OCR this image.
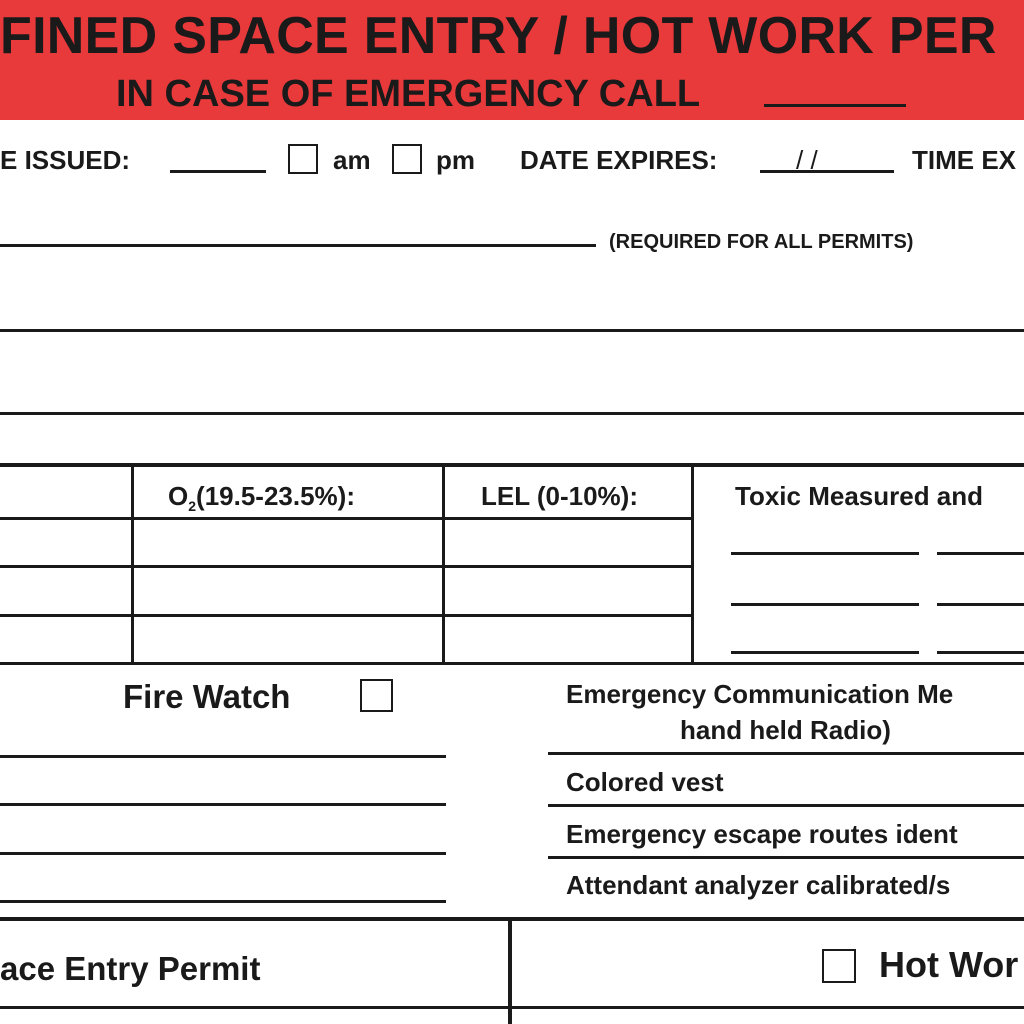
FINED SPACE ENTRY / HOT WORK PER
IN CASE OF EMERGENCY CALL
E ISSUED:	am	pm DATE EXPIRES:	/ /	TIME EX
(REQUIRED FOR ALL PERMITS)
$O_2(19.5-23.5\%)$:	LEL (0-10%):	Toxic Measured and
Fire Watch	Emergency Communication Me
hand held Radio)
Colored vest
Emergency escape routes ident
Attendant analyzer calibrated/s
ace Entry Permit	Hot Wor
